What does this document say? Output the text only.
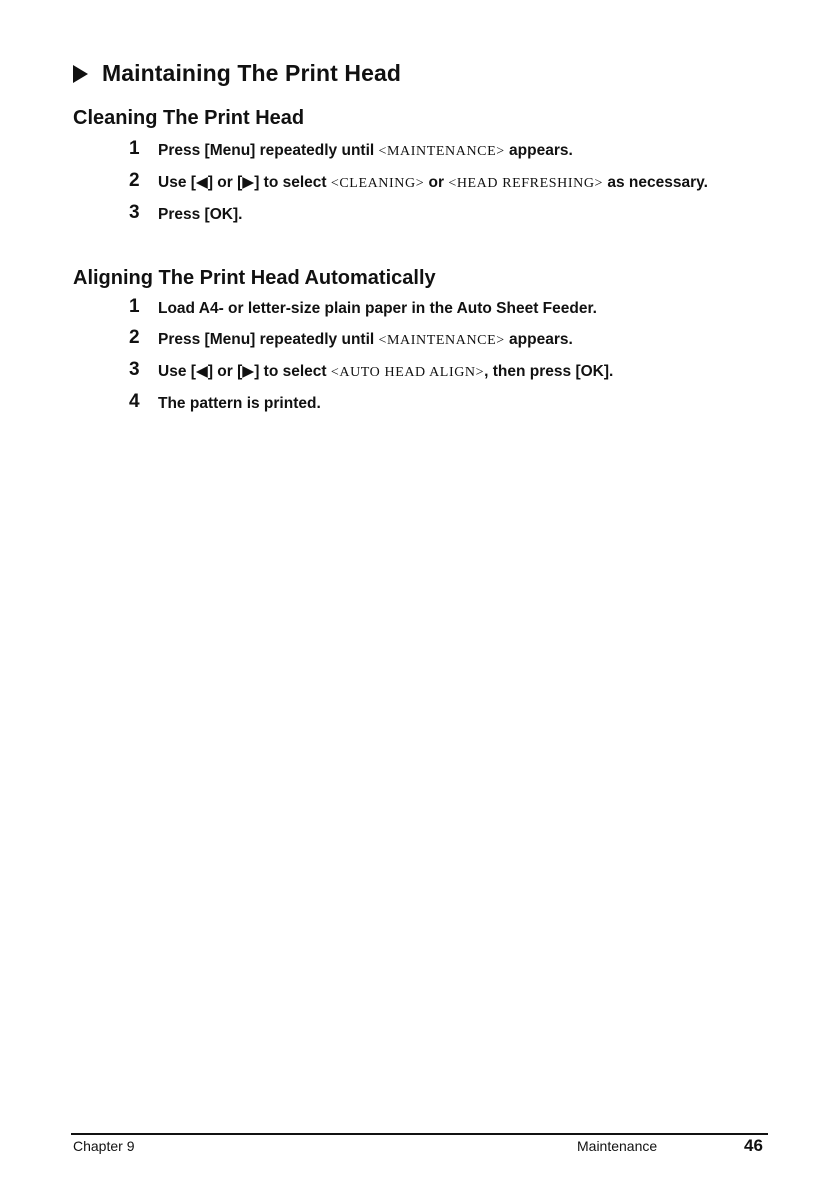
Maintaining The Print Head
Cleaning The Print Head
1 Press [Menu] repeatedly until <MAINTENANCE> appears.
2 Use [◀] or [▶] to select <CLEANING> or <HEAD REFRESHING> as necessary.
3 Press [OK].
Aligning The Print Head Automatically
1 Load A4- or letter-size plain paper in the Auto Sheet Feeder.
2 Press [Menu] repeatedly until <MAINTENANCE> appears.
3 Use [◀] or [▶] to select <AUTO HEAD ALIGN>, then press [OK].
4 The pattern is printed.
Chapter 9	Maintenance	46
